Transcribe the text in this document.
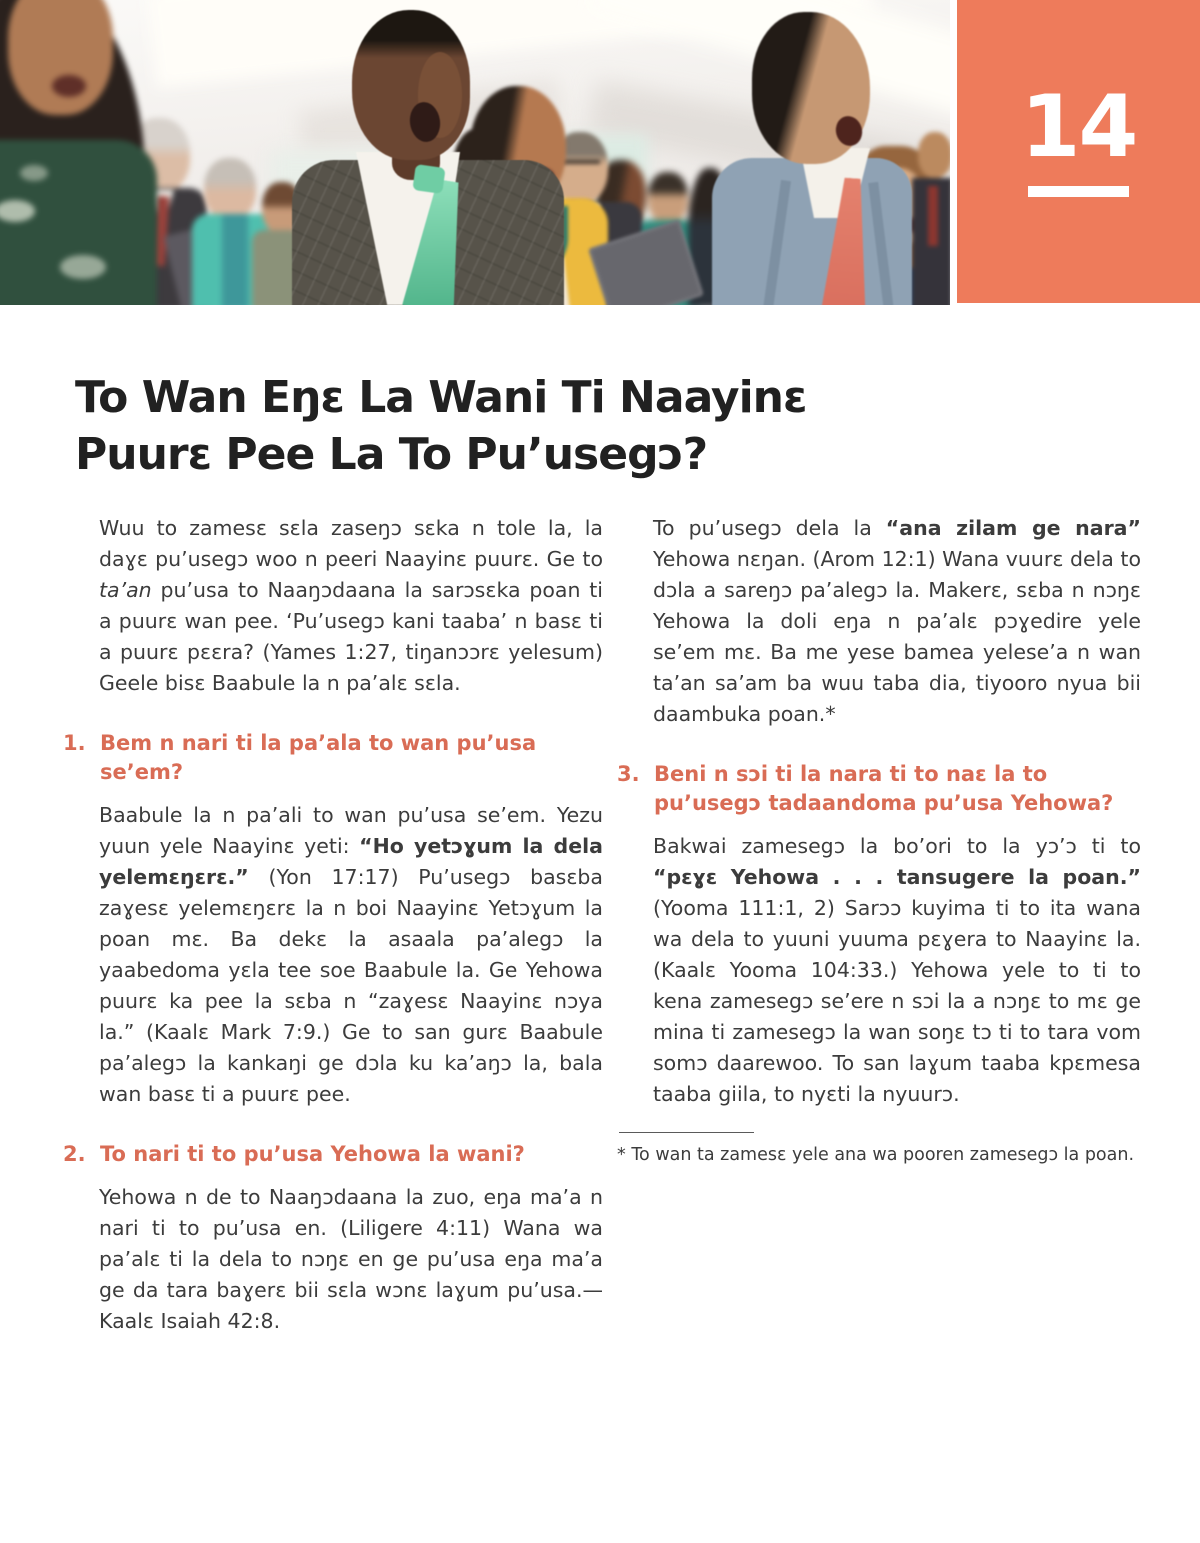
14
To Wan Eŋɛ La Wani Ti Naayinɛ
Puurɛ Pee La To Pu’usegɔ?

Wuu to zamesɛ sɛla zaseŋɔ sɛka n tole la, la daɣɛ pu’usegɔ woo n peeri Naayinɛ puurɛ. Ge to ta’an pu’usa to Naaŋɔdaana la sarɔsɛka poan ti a puurɛ wan pee. ‘Pu’usegɔ kani taaba’ n basɛ ti a puurɛ pɛɛra? (Yames 1:27, tiŋanɔɔrɛ yelesum) Geele bisɛ Baabule la n pa’alɛ sɛla.

1. Bem n nari ti la pa’ala to wan pu’usa se’em?

Baabule la n pa’ali to wan pu’usa se’em. Yezu yuun yele Naayinɛ yeti: “Ho yetɔɣum la dela yelemɛŋɛrɛ.” (Yon 17:17) Pu’usegɔ basɛba zaɣesɛ yelemɛŋɛrɛ la n boi Naayinɛ Yetɔɣum la poan mɛ. Ba dekɛ la asaala pa’alegɔ la yaabedoma yɛla tee soe Baabule la. Ge Yehowa puurɛ ka pee la sɛba n “zaɣesɛ Naayinɛ nɔya la.” (Kaalɛ Mark 7:9.) Ge to san gurɛ Baabule pa’alegɔ la kankaŋi ge dɔla ku ka’aŋɔ la, bala wan basɛ ti a puurɛ pee.

2. To nari ti to pu’usa Yehowa la wani?

Yehowa n de to Naaŋɔdaana la zuo, eŋa ma’a n nari ti to pu’usa en. (Liligere 4:11) Wana wa pa’alɛ ti la dela to nɔŋɛ en ge pu’usa eŋa ma’a ge da tara baɣerɛ bii sɛla wɔnɛ laɣum pu’usa.—Kaalɛ Isaiah 42:8.

To pu’usegɔ dela la “ana zilam ge nara” Yehowa nɛŋan. (Arom 12:1) Wana vuurɛ dela to dɔla a sareŋɔ pa’alegɔ la. Makerɛ, sɛba n nɔŋɛ Yehowa la doli eŋa n pa’alɛ pɔɣedire yele se’em mɛ. Ba me yese bamea yelese’a n wan ta’an sa’am ba wuu taba dia, tiyooro nyua bii daambuka poan.*

3. Beni n sɔi ti la nara ti to naɛ la to pu’usegɔ tadaandoma pu’usa Yehowa?

Bakwai zamesegɔ la bo’ori to la yɔ’ɔ ti to “pɛɣɛ Yehowa . . . tansugere la poan.” (Yooma 111:1, 2) Sarɔɔ kuyima ti to ita wana wa dela to yuuni yuuma pɛɣera to Naayinɛ la. (Kaalɛ Yooma 104:33.) Yehowa yele to ti to kena zamesegɔ se’ere n sɔi la a nɔŋɛ to mɛ ge mina ti zamesegɔ la wan soŋɛ tɔ ti to tara vom somɔ daarewoo. To san laɣum taaba kpɛmesa taaba giila, to nyɛti la nyuurɔ.

* To wan ta zamesɛ yele ana wa pooren zamesegɔ la poan.
